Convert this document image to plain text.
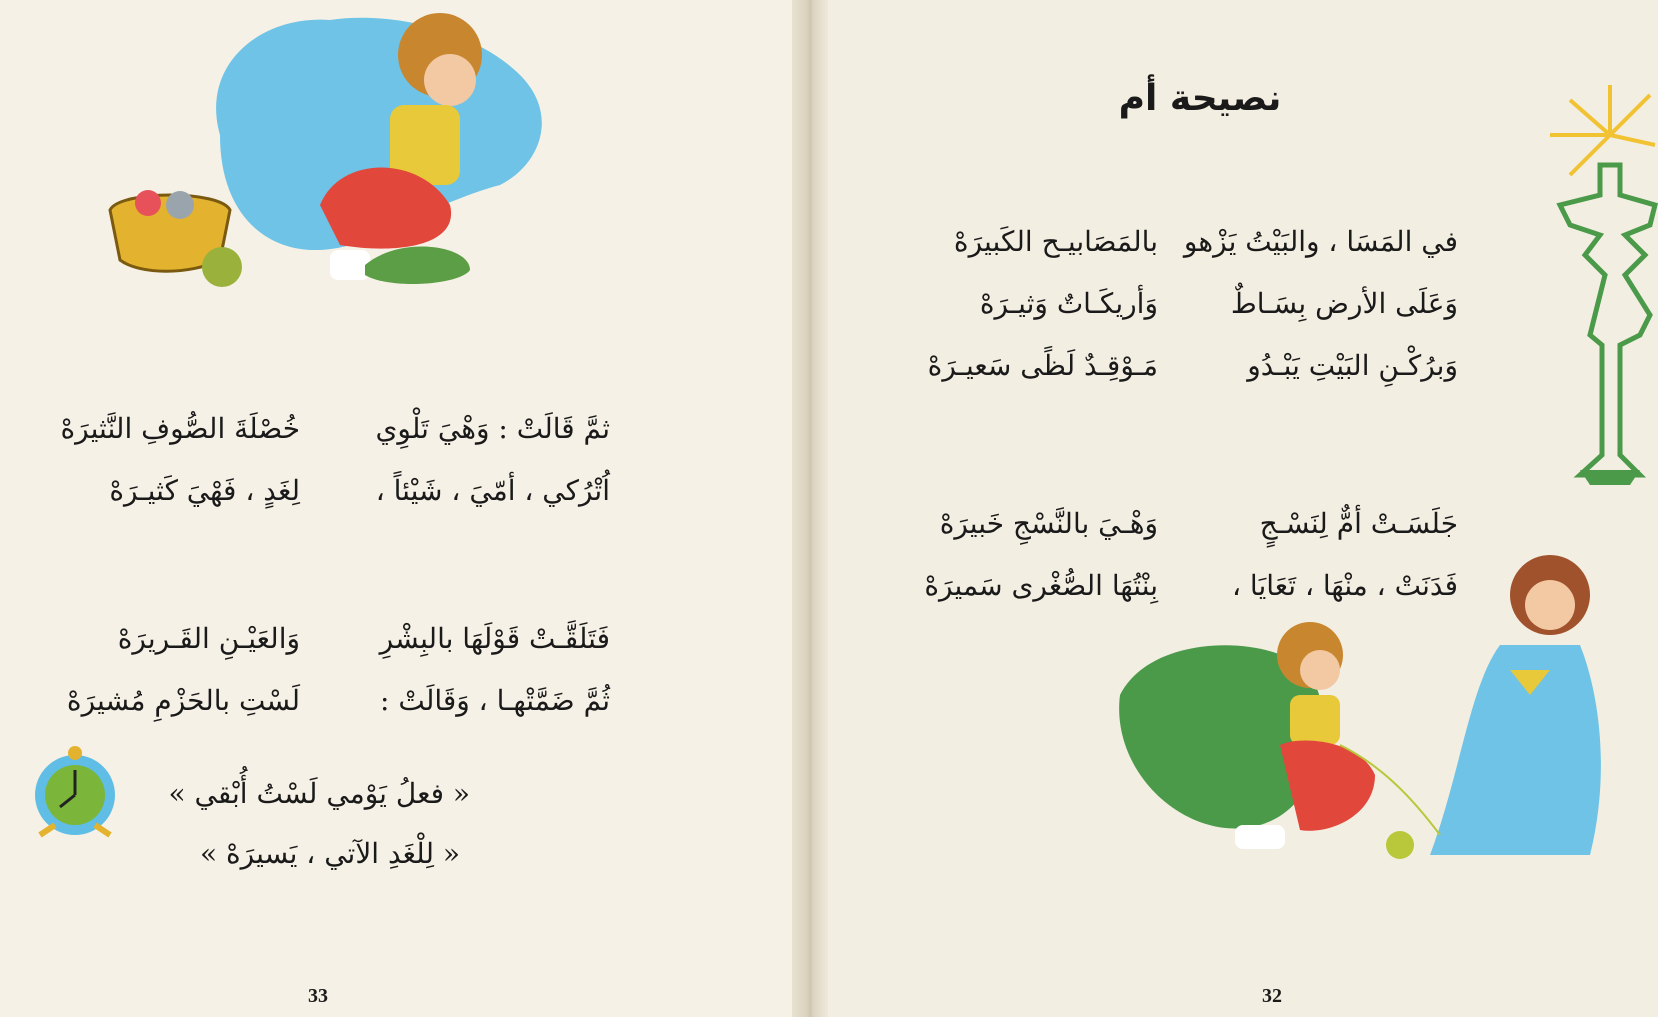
نصيحة أم
في المَسَا ، والبَيْتُ يَزْهو
بالمَصَابيـح الكَبيرَهْ
وَعَلَى الأرض بِسَـاطٌ
وَأريكَـاتٌ وَثيـرَهْ
وَبرُكْـنِ البَيْتِ يَبْـدُو
مَـوْقِـدٌ لَظًى سَعيـرَهْ
جَلَسَـتْ أمٌّ لِنَسْـجٍ
وَهْـيَ بالنَّسْجِ خَبيرَهْ
فَدَنَتْ ، منْهَا ، تَعَايَا ،
بِنْتُهَا الصُّغْرى سَميرَهْ
32
ثمَّ قَالَتْ : وَهْيَ تَلْوِي
خُصْلَةَ الصُّوفِ النَّثيرَهْ
اُتْرُكي ، أمّيَ ، شَيْئاً ،
لِغَدٍ ، فَهْيَ كَثيـرَهْ
فَتَلَقَّـتْ قَوْلَهَا بالبِشْرِ
وَالعَيْـنِ القَـريرَهْ
ثُمَّ ضَمَّتْهـا ، وَقَالَتْ :
لَسْتِ بالحَزْمِ مُشيرَهْ
« فعلُ يَوْمي لَسْتُ أُبْقي »
« لِلْغَدِ الآتي ، يَسيرَهْ »
33
